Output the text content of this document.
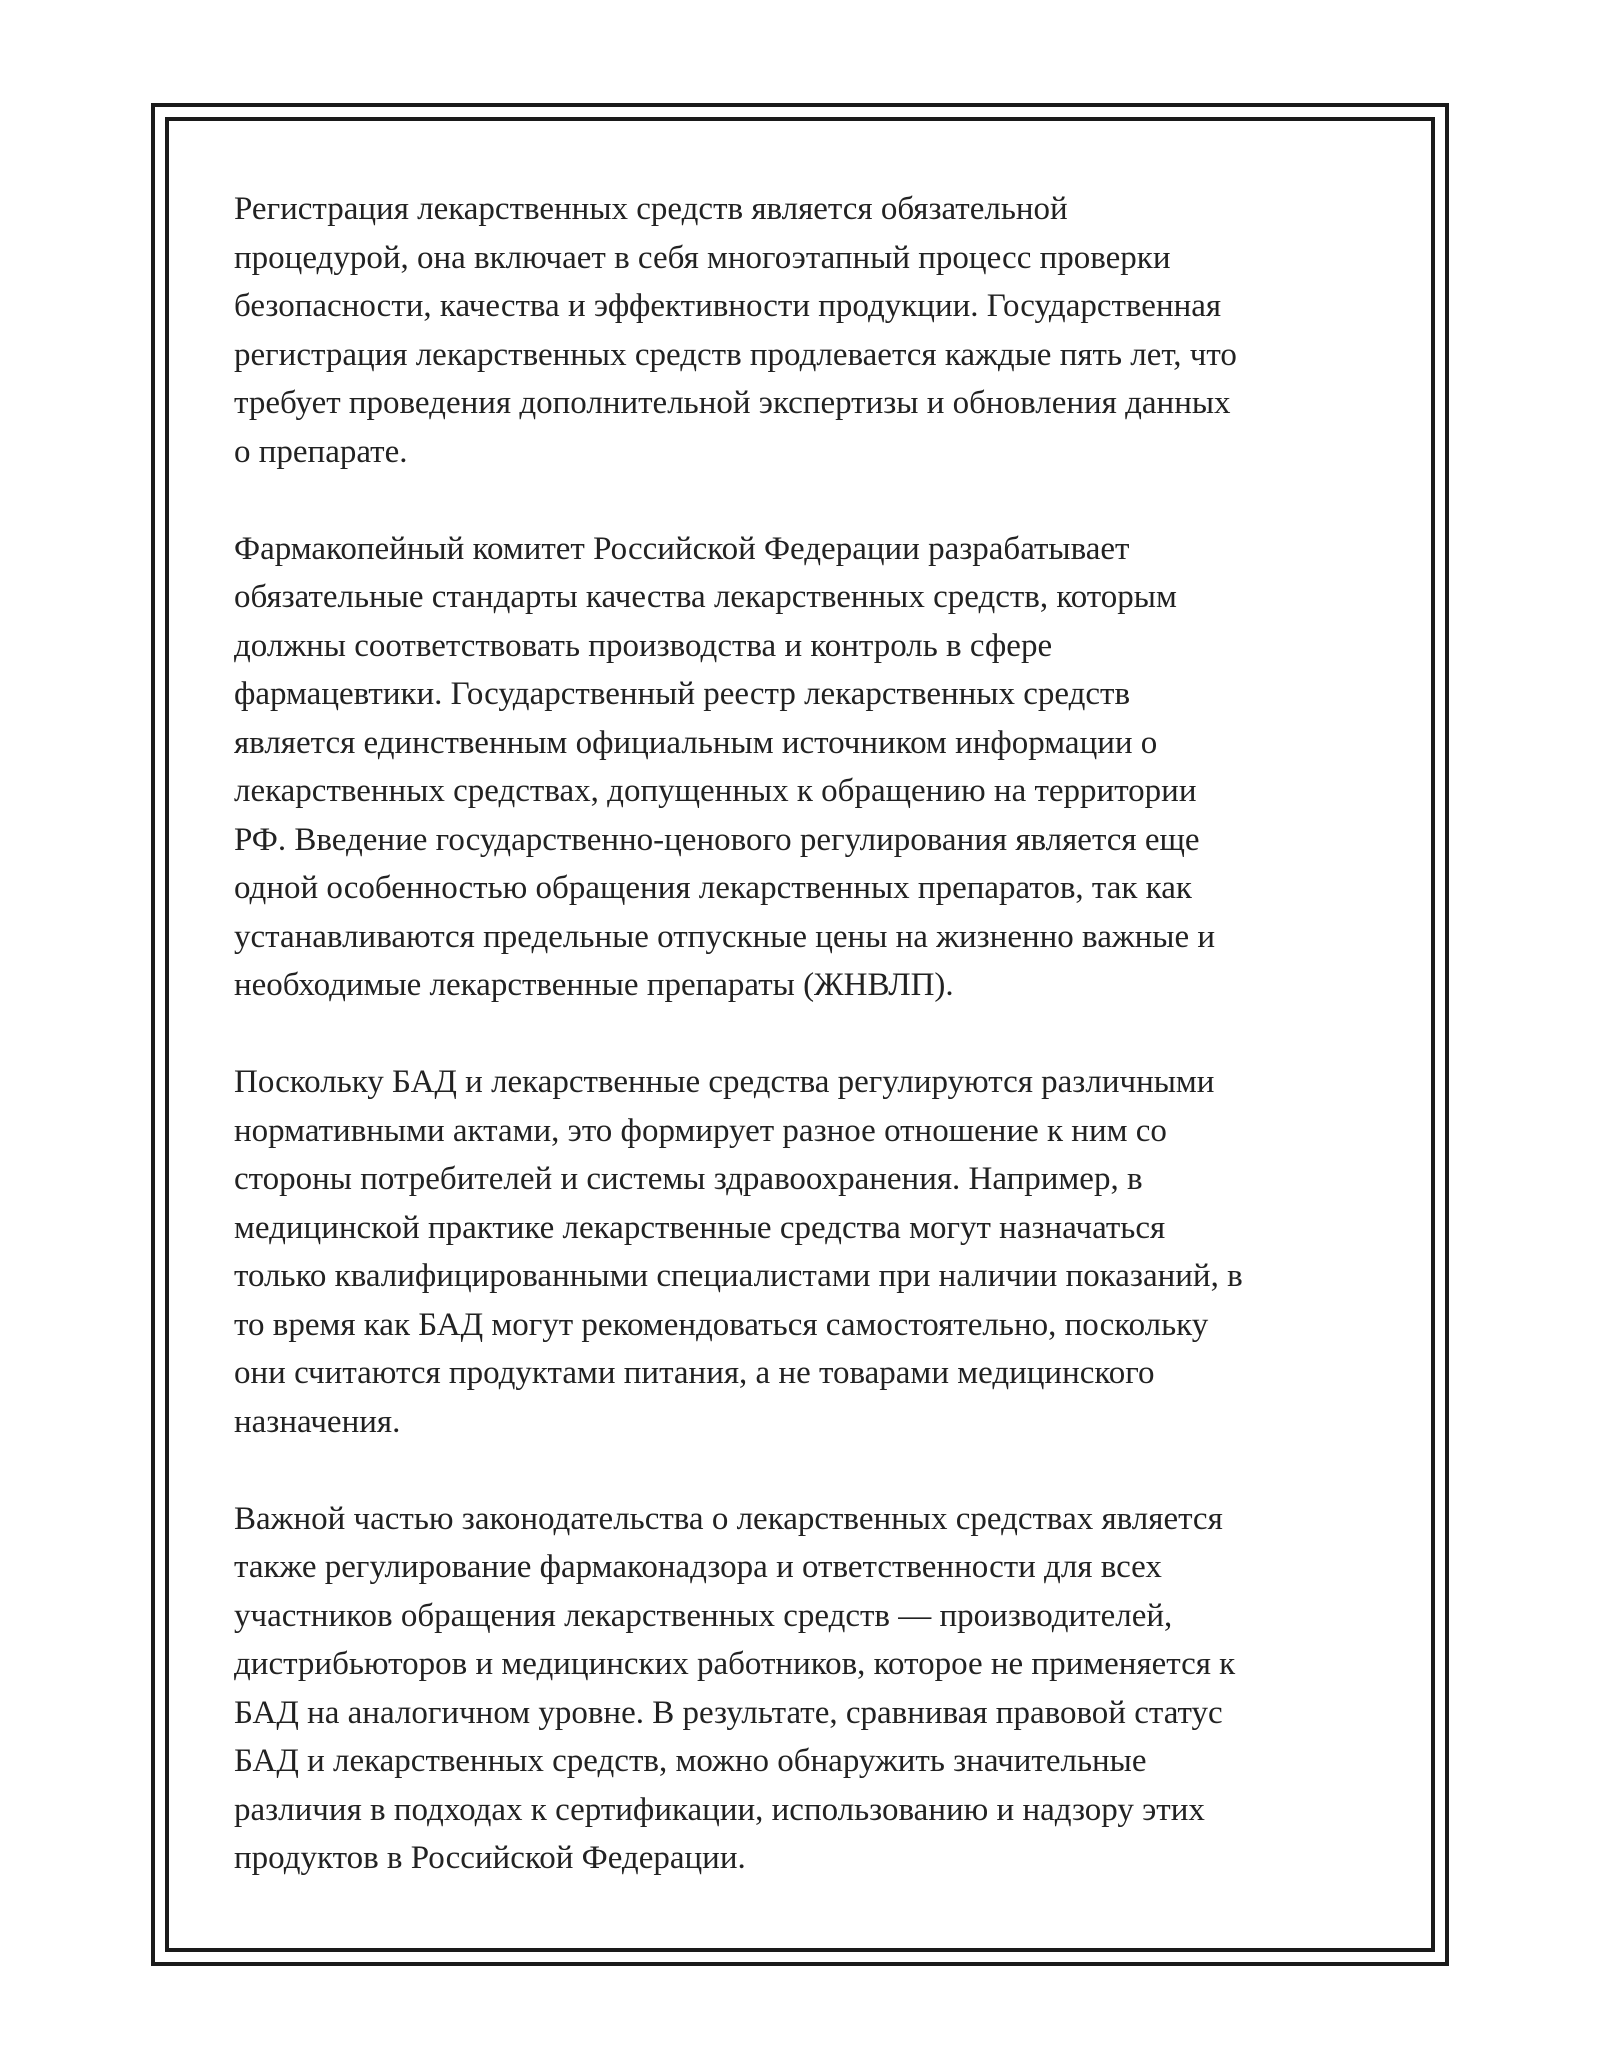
Регистрация лекарственных средств является обязательной
процедурой, она включает в себя многоэтапный процесс проверки
безопасности, качества и эффективности продукции. Государственная
регистрация лекарственных средств продлевается каждые пять лет, что
требует проведения дополнительной экспертизы и обновления данных
о препарате.
Фармакопейный комитет Российской Федерации разрабатывает
обязательные стандарты качества лекарственных средств, которым
должны соответствовать производства и контроль в сфере
фармацевтики. Государственный реестр лекарственных средств
является единственным официальным источником информации о
лекарственных средствах, допущенных к обращению на территории
РФ. Введение государственно-ценового регулирования является еще
одной особенностью обращения лекарственных препаратов, так как
устанавливаются предельные отпускные цены на жизненно важные и
необходимые лекарственные препараты (ЖНВЛП).
Поскольку БАД и лекарственные средства регулируются различными
нормативными актами, это формирует разное отношение к ним со
стороны потребителей и системы здравоохранения. Например, в
медицинской практике лекарственные средства могут назначаться
только квалифицированными специалистами при наличии показаний, в
то время как БАД могут рекомендоваться самостоятельно, поскольку
они считаются продуктами питания, а не товарами медицинского
назначения.
Важной частью законодательства о лекарственных средствах является
также регулирование фармаконадзора и ответственности для всех
участников обращения лекарственных средств — производителей,
дистрибьюторов и медицинских работников, которое не применяется к
БАД на аналогичном уровне. В результате, сравнивая правовой статус
БАД и лекарственных средств, можно обнаружить значительные
различия в подходах к сертификации, использованию и надзору этих
продуктов в Российской Федерации.
